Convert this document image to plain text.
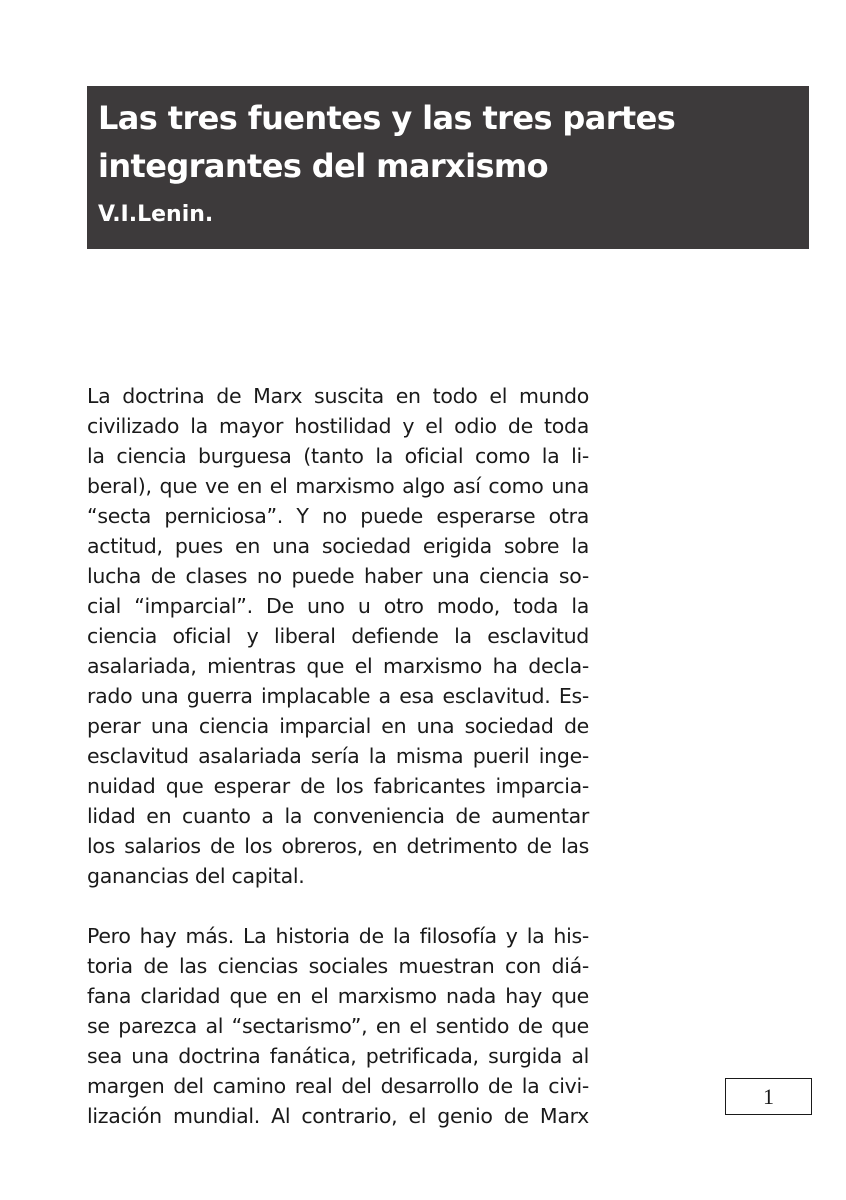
Las tres fuentes y las tres partes

integrantes del marxismo

V.I.Lenin.

La doctrina de Marx suscita en todo el mundo
civilizado la mayor hostilidad y el odio de toda
la ciencia burguesa (tanto la oficial como la li-
beral), que ve en el marxismo algo así como una
“secta perniciosa”. Y no puede esperarse otra
actitud, pues en una sociedad erigida sobre la
lucha de clases no puede haber una ciencia so-
cial “imparcial”. De uno u otro modo, toda la
ciencia oficial y liberal defiende la esclavitud
asalariada, mientras que el marxismo ha decla-
rado una guerra implacable a esa esclavitud. Es-
perar una ciencia imparcial en una sociedad de
esclavitud asalariada sería la misma pueril inge-
nuidad que esperar de los fabricantes imparcia-
lidad en cuanto a la conveniencia de aumentar
los salarios de los obreros, en detrimento de las
ganancias del capital.

Pero hay más. La historia de la filosofía y la his-
toria de las ciencias sociales muestran con diá-
fana claridad que en el marxismo nada hay que
se parezca al “sectarismo”, en el sentido de que
sea una doctrina fanática, petrificada, surgida al
margen del camino real del desarrollo de la civi-
lización mundial. Al contrario, el genio de Marx

1
